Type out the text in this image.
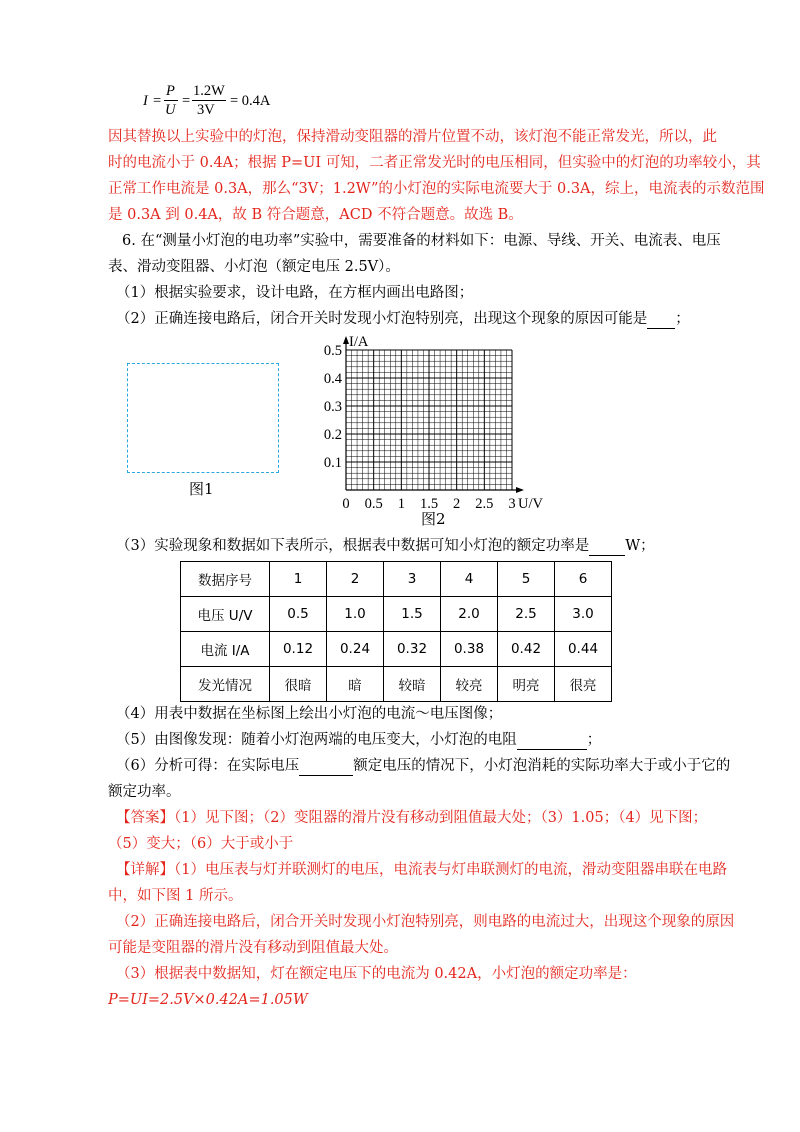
I =
P
U
=
1.2W
3V
= 0.4A
因其替换以上实验中的灯泡，保持滑动变阻器的滑片位置不动，该灯泡不能正常发光，所以，此
时的电流小于 0.4A；根据 P=UI 可知，二者正常发光时的电压相同，但实验中的灯泡的功率较小，其
正常工作电流是 0.3A，那么“3V；1.2W”的小灯泡的实际电流要大于 0.3A，综上，电流表的示数范围
是 0.3A 到 0.4A，故 B 符合题意，ACD 不符合题意。故选 B。
6. 在“测量小灯泡的电功率”实验中，需要准备的材料如下：电源、导线、开关、电流表、电压
表、滑动变阻器、小灯泡（额定电压 2.5V）。
（1）根据实验要求，设计电路，在方框内画出电路图；
（2）正确连接电路后，闭合开关时发现小灯泡特别亮，出现这个现象的原因可能是 ；
图1
0.1
0.2
0.3
0.4
0.5
0 0.5 1 1.5 2 2.5 3
I/A
U/V
图2
（3）实验现象和数据如下表所示，根据表中数据可知小灯泡的额定功率是 W；
数据序号	1	2	3	4	5	6
电压 U/V	0.5	1.0	1.5	2.0	2.5	3.0
电流 I/A	0.12	0.24	0.32	0.38	0.42	0.44
发光情况	很暗	暗	较暗	较亮	明亮	很亮
（4）用表中数据在坐标图上绘出小灯泡的电流～电压图像；
（5）由图像发现：随着小灯泡两端的电压变大，小灯泡的电阻	；
（6）分析可得：在实际电压	额定电压的情况下，小灯泡消耗的实际功率大于或小于它的
额定功率。
【答案】（1）见下图；（2）变阻器的滑片没有移动到阻值最大处；（3）1.05；（4）见下图；
（5）变大；（6）大于或小于
【详解】（1）电压表与灯并联测灯的电压，电流表与灯串联测灯的电流，滑动变阻器串联在电路
中，如下图 1 所示。
（2）正确连接电路后，闭合开关时发现小灯泡特别亮，则电路的电流过大，出现这个现象的原因
可能是变阻器的滑片没有移动到阻值最大处。
（3）根据表中数据知，灯在额定电压下的电流为 0.42A，小灯泡的额定功率是：
P=UI=2.5V×0.42A=1.05W
